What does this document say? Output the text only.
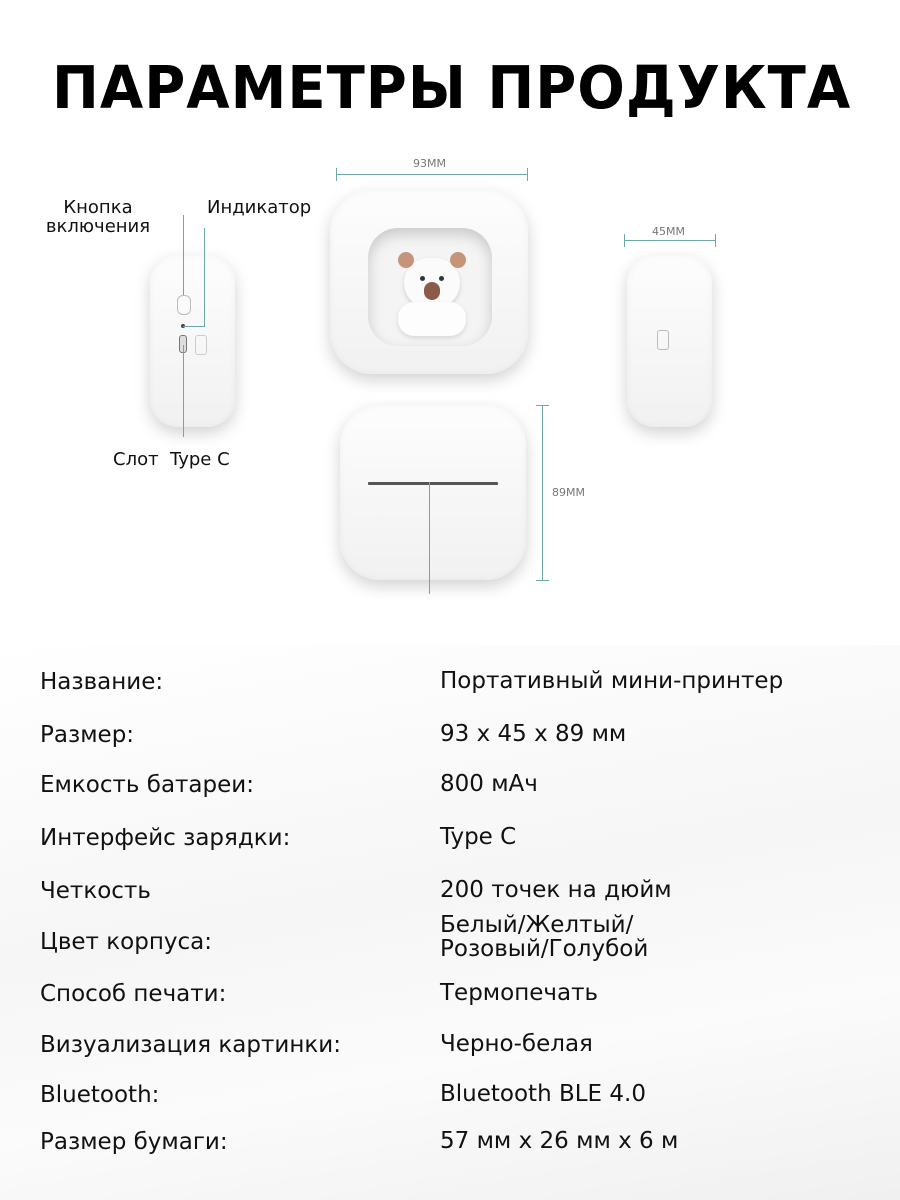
ПАРАМЕТРЫ ПРОДУКТА
Кнопка
включения
Индикатор
Слот  Type C
93MM
45MM
89MM
Название:	Портативный мини-принтер
Размер:	93 x 45 x 89 мм
Емкость батареи:	800 мАч
Интерфейс зарядки:	Type C
Четкость	200 точек на дюйм
Цвет корпуса:
Белый/Желтый/
Розовый/Голубой
Способ печати:	Термопечать
Визуализация картинки:	Черно-белая
Bluetooth:	Bluetooth BLE 4.0
Размер бумаги:	57 мм x 26 мм x 6 м
